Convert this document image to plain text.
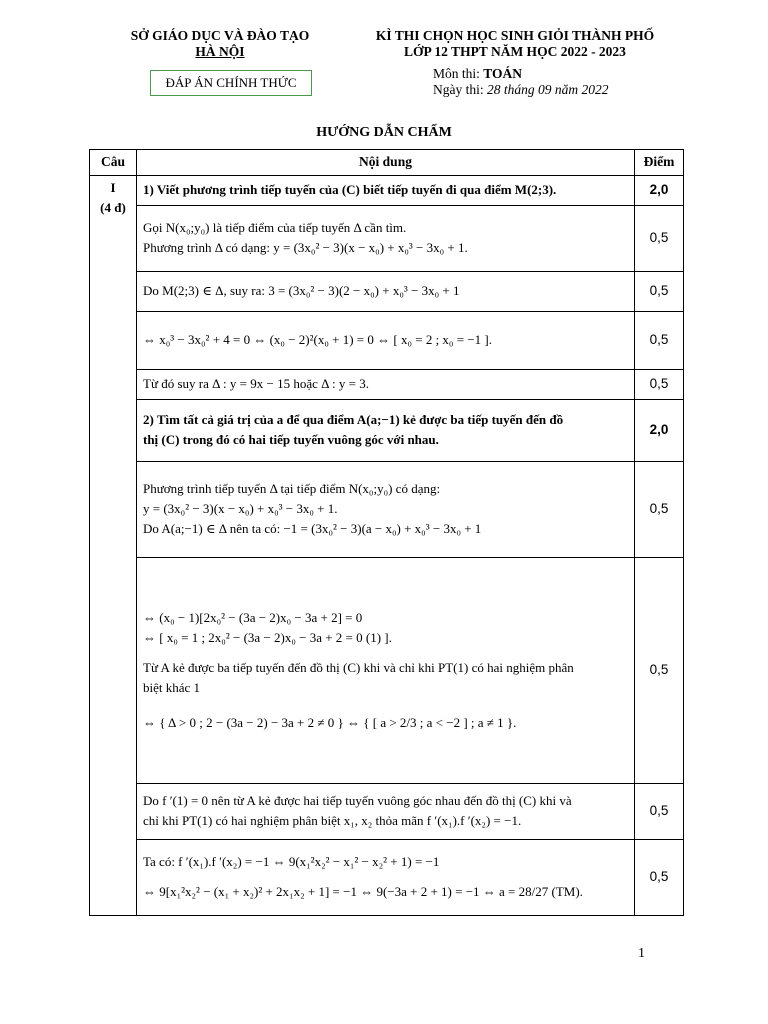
SỞ GIÁO DỤC VÀ ĐÀO TẠO
HÀ NỘI
KÌ THI CHỌN HỌC SINH GIỎI THÀNH PHỐ
LỚP 12 THPT NĂM HỌC 2022 - 2023
ĐÁP ÁN CHÍNH THỨC
Môn thi: TOÁN
Ngày thi: 28 tháng 09 năm 2022
HƯỚNG DẪN CHẤM
Câu	Nội dung	Điểm

I
(4 đ)	1) Viết phương trình tiếp tuyến của (C) biết tiếp tuyến đi qua điểm M(2;3).	2,0

	Gọi N(x₀;y₀) là tiếp điểm của tiếp tuyến Δ cần tìm.
Phương trình Δ có dạng: y = (3x₀² − 3)(x − x₀) + x₀³ − 3x₀ + 1.	0,5

	Do M(2;3) ∈ Δ, suy ra: 3 = (3x₀² − 3)(2 − x₀) + x₀³ − 3x₀ + 1	0,5

	⇔ x₀³ − 3x₀² + 4 = 0 ⇔ (x₀ − 2)²(x₀ + 1) = 0 ⇔ [ x₀ = 2 ; x₀ = −1 ].	0,5

	Từ đó suy ra Δ : y = 9x − 15 hoặc Δ : y = 3.	0,5

	2) Tìm tất cả giá trị của a để qua điểm A(a;−1) kẻ được ba tiếp tuyến đến đồ
thị (C) trong đó có hai tiếp tuyến vuông góc với nhau.	2,0

	Phương trình tiếp tuyến Δ tại tiếp điểm N(x₀;y₀) có dạng:
y = (3x₀² − 3)(x − x₀) + x₀³ − 3x₀ + 1.
Do A(a;−1) ∈ Δ nên ta có: −1 = (3x₀² − 3)(a − x₀) + x₀³ − 3x₀ + 1	0,5

	⇔ (x₀ − 1)[2x₀² − (3a − 2)x₀ − 3a + 2] = 0
⇔ [ x₀ = 1 ; 2x₀² − (3a − 2)x₀ − 3a + 2 = 0 (1) ].
Từ A kẻ được ba tiếp tuyến đến đồ thị (C) khi và chỉ khi PT(1) có hai nghiệm phân
biệt khác 1
⇔ { Δ > 0 ; 2 − (3a − 2) − 3a + 2 ≠ 0 } ⇔ { [ a > 2/3 ; a < −2 ] ; a ≠ 1 }.	0,5

	Do f ′(1) = 0 nên từ A kẻ được hai tiếp tuyến vuông góc nhau đến đồ thị (C) khi và
chỉ khi PT(1) có hai nghiệm phân biệt x₁, x₂ thỏa mãn f ′(x₁).f ′(x₂) = −1.	0,5

	Ta có: f ′(x₁).f ′(x₂) = −1 ⇔ 9(x₁²x₂² − x₁² − x₂² + 1) = −1
⇔ 9[x₁²x₂² − (x₁ + x₂)² + 2x₁x₂ + 1] = −1 ⇔ 9(−3a + 2 + 1) = −1 ⇔ a = 28/27 (TM).	0,5
1
